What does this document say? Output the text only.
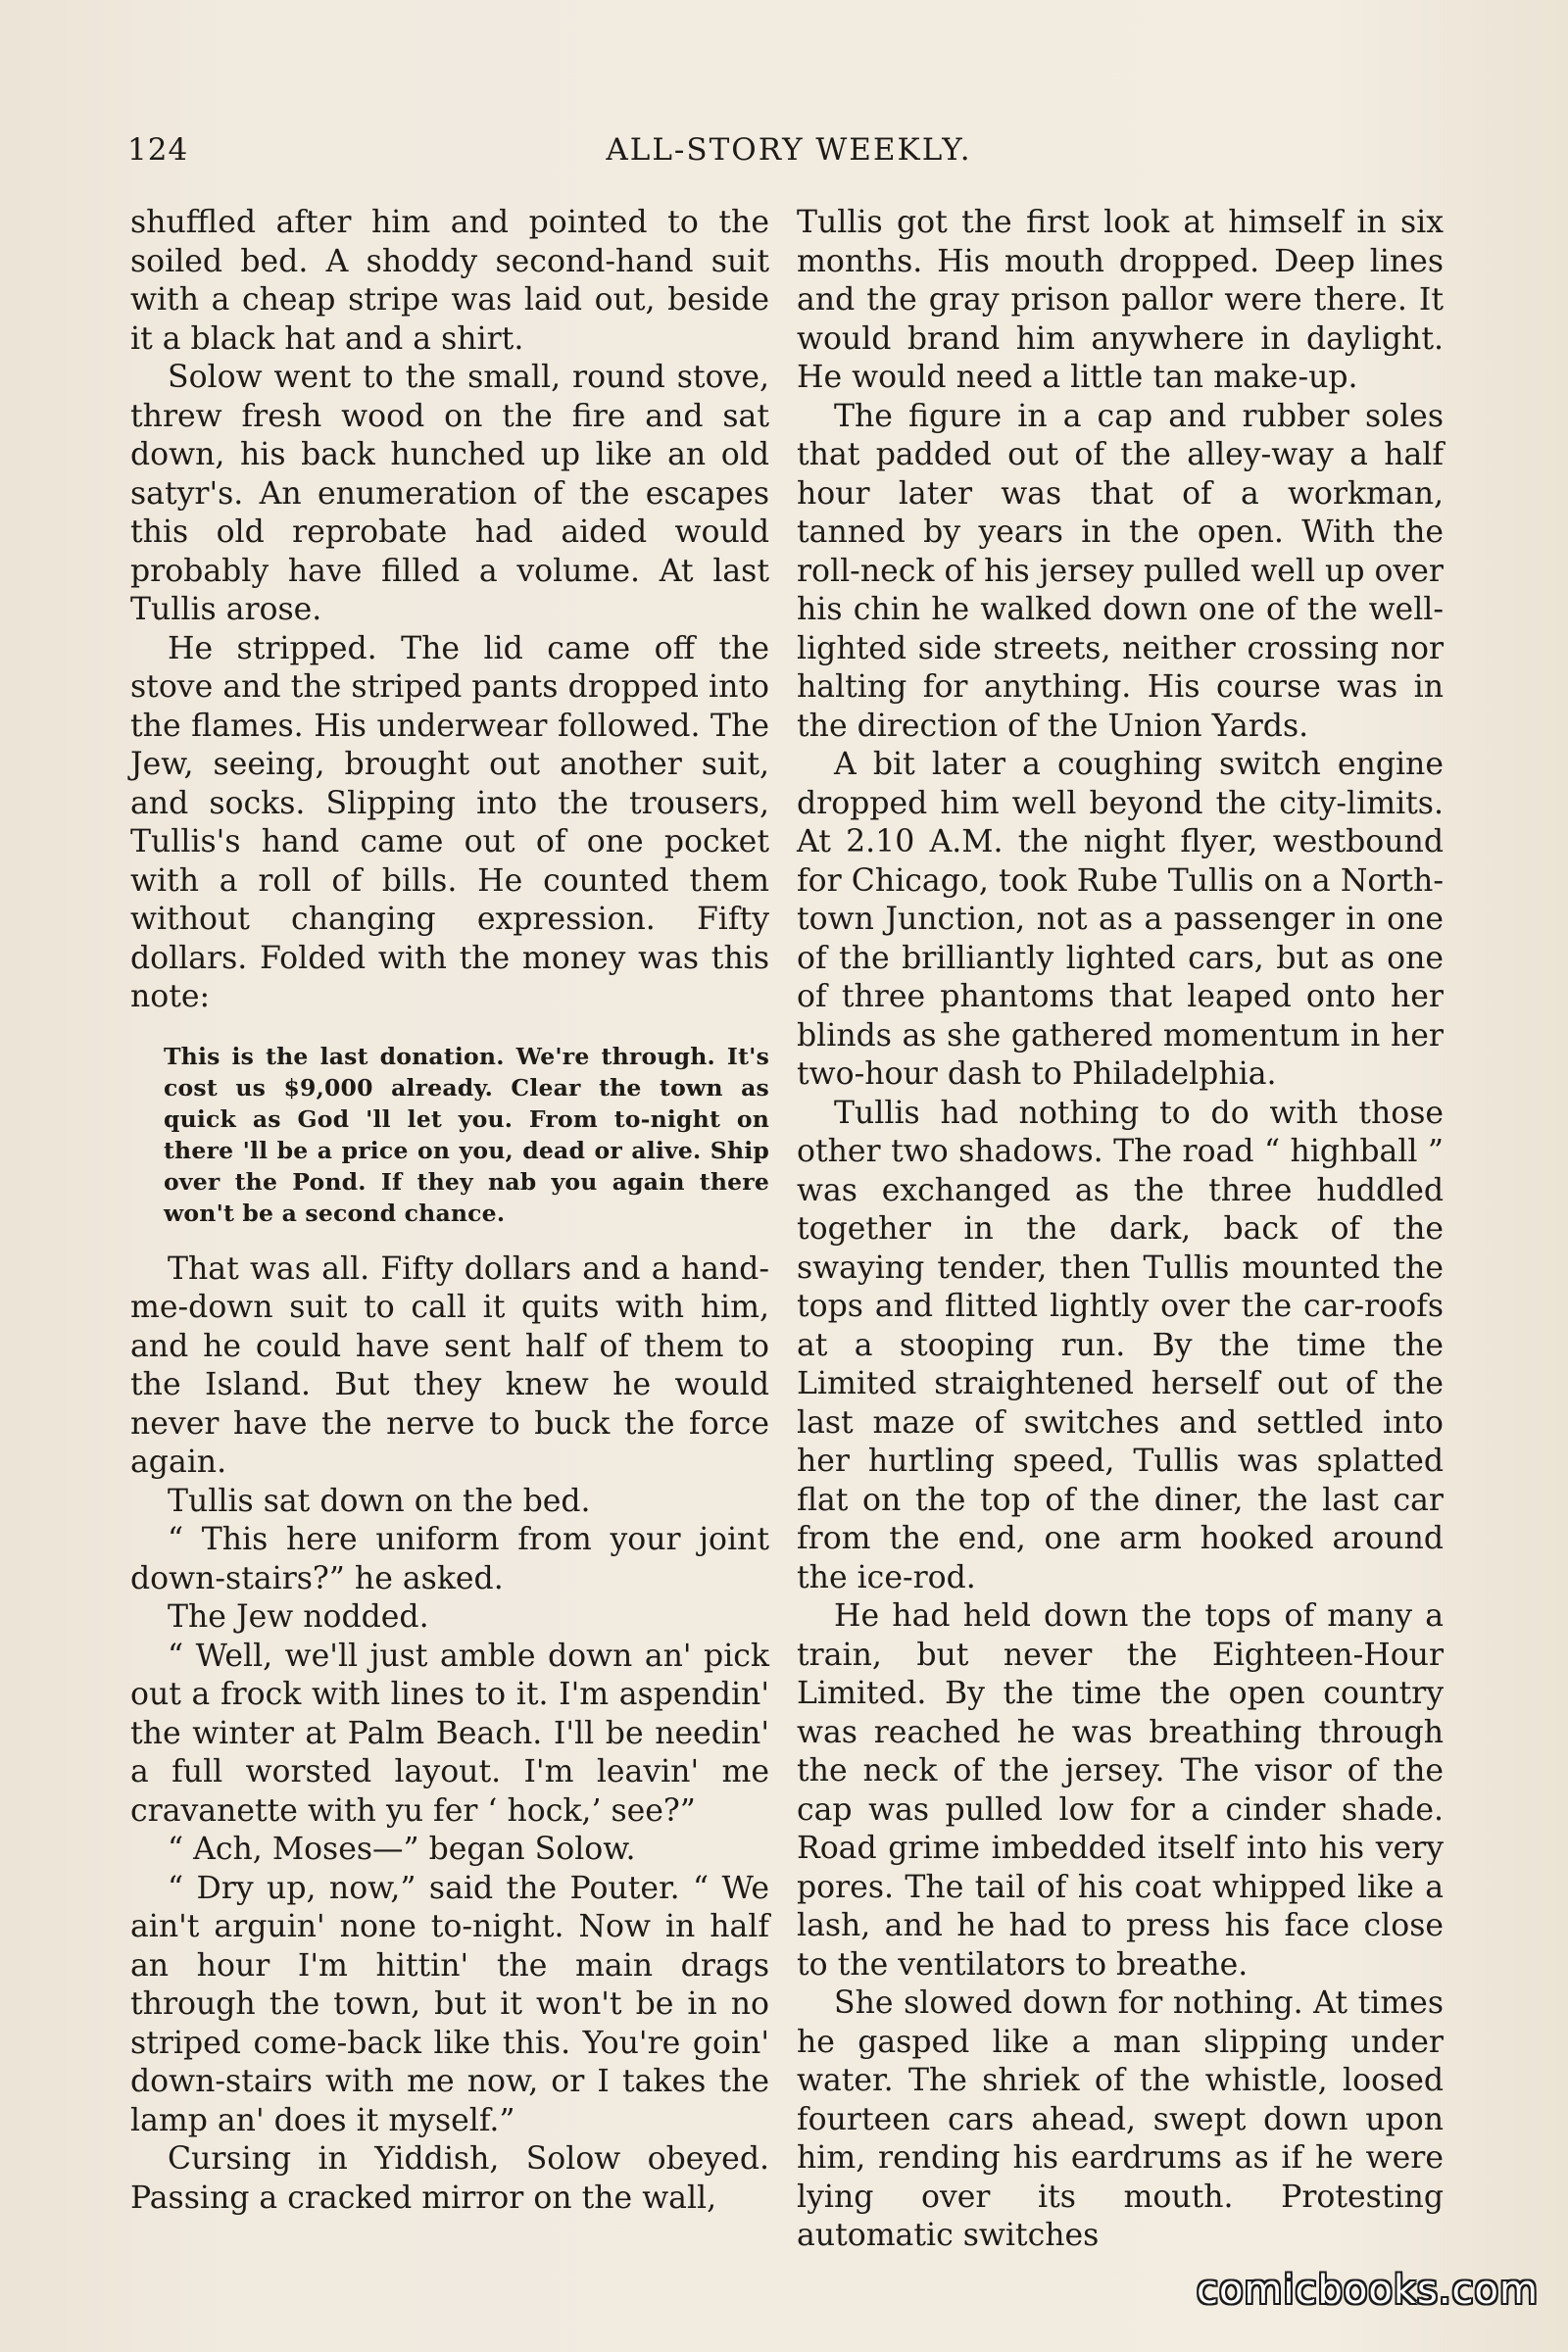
124	ALL-STORY WEEKLY.

shuffled after him and pointed to the soiled bed. A shoddy second-hand suit with a cheap stripe was laid out, beside it a black hat and a shirt.

Solow went to the small, round stove, threw fresh wood on the fire and sat down, his back hunched up like an old satyr's. An enumeration of the escapes this old reprobate had aided would probably have filled a volume. At last Tullis arose.

He stripped. The lid came off the stove and the striped pants dropped into the flames. His underwear followed. The Jew, seeing, brought out another suit, and socks. Slipping into the trousers, Tullis's hand came out of one pocket with a roll of bills. He counted them without changing expression. Fifty dollars. Folded with the money was this note:

This is the last donation. We're through. It's cost us $9,000 already. Clear the town as quick as God 'll let you. From to-night on there 'll be a price on you, dead or alive. Ship over the Pond. If they nab you again there won't be a second chance.

That was all. Fifty dollars and a hand-me-down suit to call it quits with him, and he could have sent half of them to the Island. But they knew he would never have the nerve to buck the force again.

Tullis sat down on the bed.

“ This here uniform from your joint down-stairs?” he asked.

The Jew nodded.

“ Well, we'll just amble down an' pick out a frock with lines to it. I'm aspendin' the winter at Palm Beach. I'll be needin' a full worsted layout. I'm leavin' me cravanette with yu fer ‘ hock,’ see?”

“ Ach, Moses—” began Solow.

“ Dry up, now,” said the Pouter. “ We ain't arguin' none to-night. Now in half an hour I'm hittin' the main drags through the town, but it won't be in no striped come-back like this. You're goin' down-stairs with me now, or I takes the lamp an' does it myself.”

Cursing in Yiddish, Solow obeyed. Passing a cracked mirror on the wall,

Tullis got the first look at himself in six months. His mouth dropped. Deep lines and the gray prison pallor were there. It would brand him anywhere in daylight. He would need a little tan make-up.

The figure in a cap and rubber soles that padded out of the alley-way a half hour later was that of a workman, tanned by years in the open. With the roll-neck of his jersey pulled well up over his chin he walked down one of the well-lighted side streets, neither crossing nor halting for anything. His course was in the direction of the Union Yards.

A bit later a coughing switch engine dropped him well beyond the city-limits. At 2.10 A.M. the night flyer, westbound for Chicago, took Rube Tullis on a North-town Junction, not as a passenger in one of the brilliantly lighted cars, but as one of three phantoms that leaped onto her blinds as she gathered momentum in her two-hour dash to Philadelphia.

Tullis had nothing to do with those other two shadows. The road “ highball ” was exchanged as the three huddled together in the dark, back of the swaying tender, then Tullis mounted the tops and flitted lightly over the car-roofs at a stooping run. By the time the Limited straightened herself out of the last maze of switches and settled into her hurtling speed, Tullis was splatted flat on the top of the diner, the last car from the end, one arm hooked around the ice-rod.

He had held down the tops of many a train, but never the Eighteen-Hour Limited. By the time the open country was reached he was breathing through the neck of the jersey. The visor of the cap was pulled low for a cinder shade. Road grime imbedded itself into his very pores. The tail of his coat whipped like a lash, and he had to press his face close to the ventilators to breathe.

She slowed down for nothing. At times he gasped like a man slipping under water. The shriek of the whistle, loosed fourteen cars ahead, swept down upon him, rending his eardrums as if he were lying over its mouth. Protesting automatic switches

comicbooks.com
